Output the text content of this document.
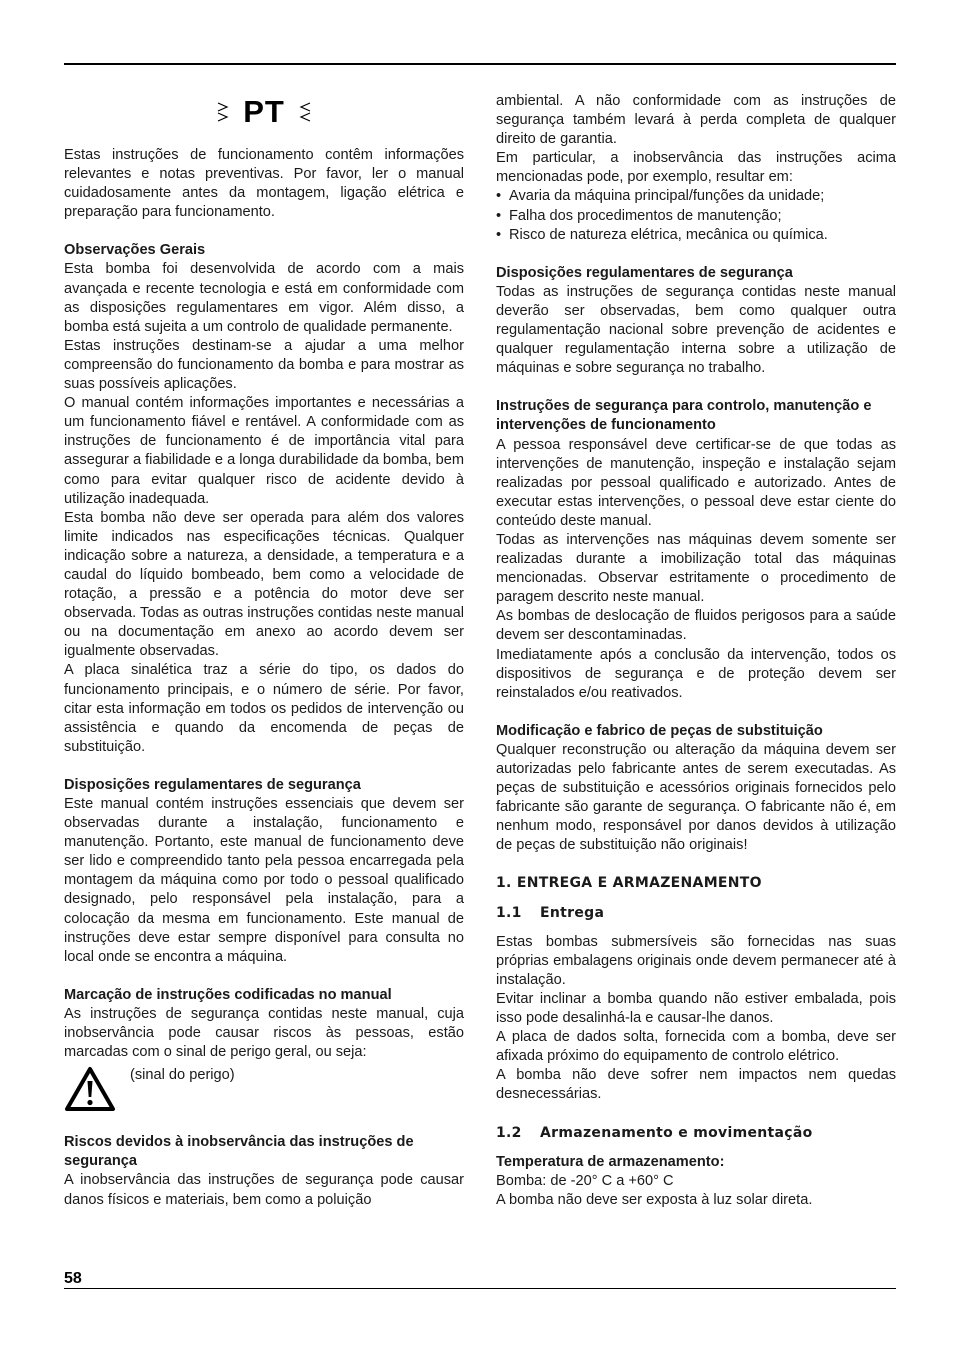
PT

Estas instruções de funcionamento contêm informações relevantes e notas preventivas. Por favor, ler o manual cuidadosamente antes da montagem, ligação elétrica e preparação para funcionamento.

Observações Gerais

Esta bomba foi desenvolvida de acordo com a mais avançada e recente tecnologia e está em conformidade com as disposições regulamentares em vigor. Além disso, a bomba está sujeita a um controlo de qualidade permanente.

Estas instruções destinam-se a ajudar a uma melhor compreensão do funcionamento da bomba e para mostrar as suas possíveis aplicações.

O manual contém informações importantes e necessárias a um funcionamento fiável e rentável. A conformidade com as instruções de funcionamento é de importância vital para assegurar a fiabilidade e a longa durabilidade da bomba, bem como para evitar qualquer risco de acidente devido à utilização inadequada.

Esta bomba não deve ser operada para além dos valores limite indicados nas especificações técnicas. Qualquer indicação sobre a natureza, a densidade, a temperatura e a caudal do líquido bombeado, bem como a velocidade de rotação, a pressão e a potência do motor deve ser observada. Todas as outras instruções contidas neste manual ou na documentação em anexo ao acordo devem ser igualmente observadas.

A placa sinalética traz a série do tipo, os dados do funcionamento principais, e o número de série. Por favor, citar esta informação em todos os pedidos de intervenção ou assistência e quando da encomenda de peças de substituição.

Disposições regulamentares de segurança

Este manual contém instruções essenciais que devem ser observadas durante a instalação, funcionamento e manutenção. Portanto, este manual de funcionamento deve ser lido e compreendido tanto pela pessoa encarregada pela montagem da máquina como por todo o pessoal qualificado designado, pelo responsável pela instalação, para a colocação da mesma em funcionamento. Este manual de instruções deve estar sempre disponível para consulta no local onde se encontra a máquina.

Marcação de instruções codificadas no manual

As instruções de segurança contidas neste manual, cuja inobservância pode causar riscos às pessoas, estão marcadas com o sinal de perigo geral, ou seja:

(sinal do perigo)

Riscos devidos à inobservância das instruções de segurança

A inobservância das instruções de segurança pode causar danos físicos e materiais, bem como a poluição

ambiental. A não conformidade com as instruções de segurança também levará à perda completa de qualquer direito de garantia.

Em particular, a inobservância das instruções acima mencionadas pode, por exemplo, resultar em:

• Avaria da máquina principal/funções da unidade;
• Falha dos procedimentos de manutenção;
• Risco de natureza elétrica, mecânica ou química.

Disposições regulamentares de segurança

Todas as instruções de segurança contidas neste manual deverão ser observadas, bem como qualquer outra regulamentação nacional sobre prevenção de acidentes e qualquer regulamentação interna sobre a utilização de máquinas e sobre segurança no trabalho.

Instruções de segurança para controlo, manutenção e intervenções de funcionamento

A pessoa responsável deve certificar-se de que todas as intervenções de manutenção, inspeção e instalação sejam realizadas por pessoal qualificado e autorizado. Antes de executar estas intervenções, o pessoal deve estar ciente do conteúdo deste manual.

Todas as intervenções nas máquinas devem somente ser realizadas durante a imobilização total das máquinas mencionadas. Observar estritamente o procedimento de paragem descrito neste manual.

As bombas de deslocação de fluidos perigosos para a saúde devem ser descontaminadas.

Imediatamente após a conclusão da intervenção, todos os dispositivos de segurança e de proteção devem ser reinstalados e/ou reativados.

Modificação e fabrico de peças de substituição

Qualquer reconstrução ou alteração da máquina devem ser autorizadas pelo fabricante antes de serem executadas. As peças de substituição e acessórios originais fornecidos pelo fabricante são garante de segurança. O fabricante não é, em nenhum modo, responsável por danos devidos à utilização de peças de substituição não originais!

1. ENTREGA E ARMAZENAMENTO

1.1 Entrega

Estas bombas submersíveis são fornecidas nas suas próprias embalagens originais onde devem permanecer até à instalação.

Evitar inclinar a bomba quando não estiver embalada, pois isso pode desalinhá-la e causar-lhe danos.

A placa de dados solta, fornecida com a bomba, deve ser afixada próximo do equipamento de controlo elétrico.

A bomba não deve sofrer nem impactos nem quedas desnecessárias.

1.2 Armazenamento e movimentação

Temperatura de armazenamento:

Bomba: de -20° C a +60° C

A bomba não deve ser exposta à luz solar direta.

58
